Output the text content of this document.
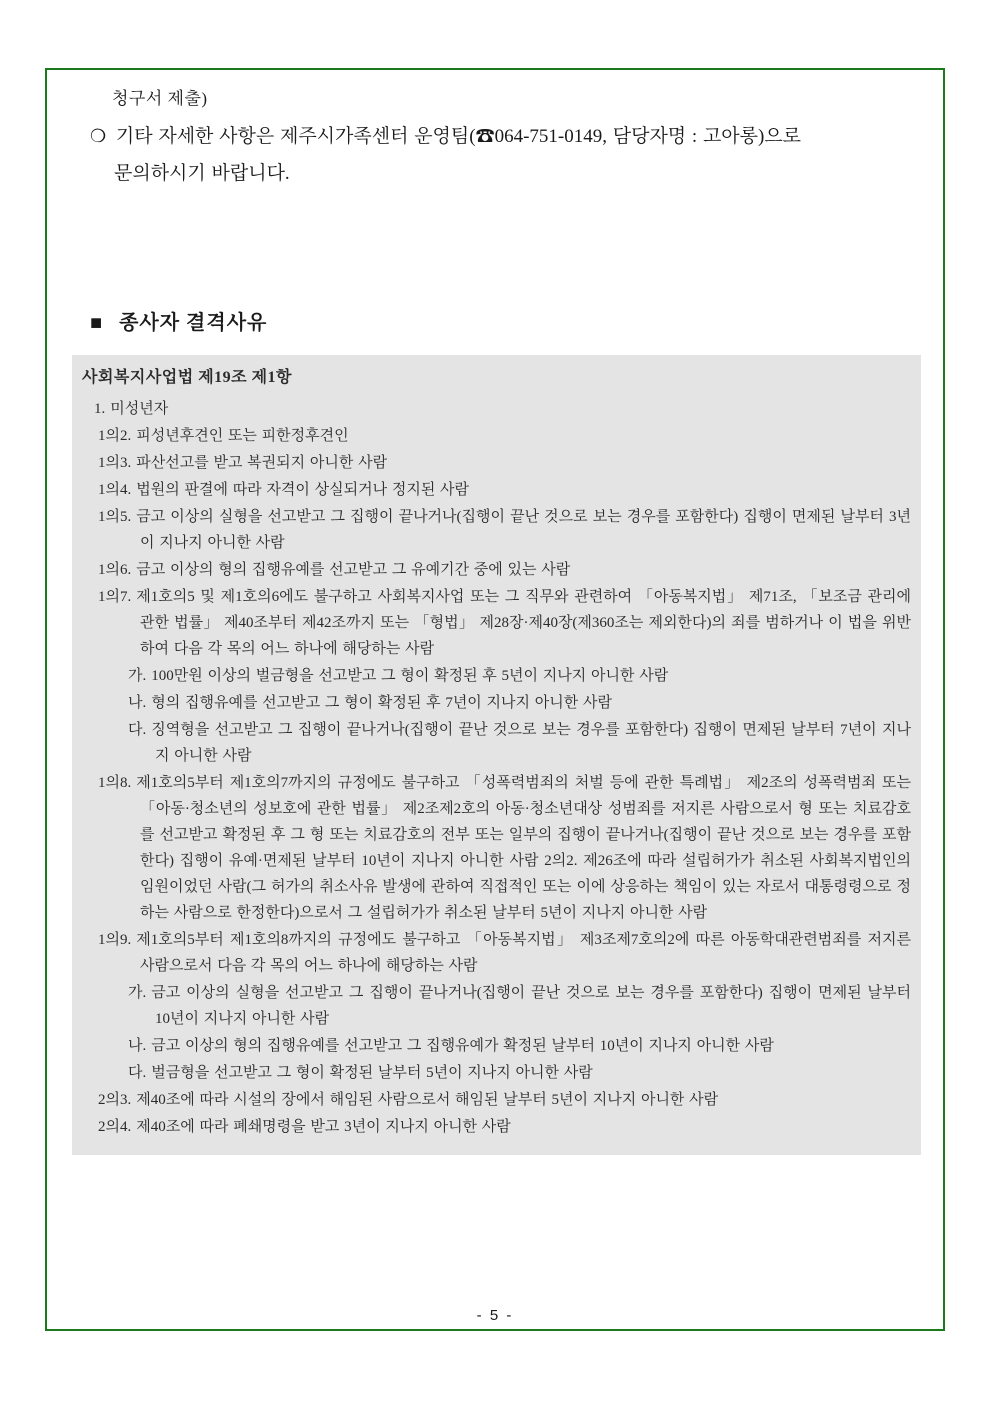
청구서 제출)
❍ 기타 자세한 사항은 제주시가족센터 운영팀(☎064-751-0149, 담당자명 : 고아롱)으로
문의하시기 바랍니다.
■ 종사자 결격사유
사회복지사업법 제19조 제1항
1. 미성년자
1의2. 피성년후견인 또는 피한정후견인
1의3. 파산선고를 받고 복권되지 아니한 사람
1의4. 법원의 판결에 따라 자격이 상실되거나 정지된 사람
1의5. 금고 이상의 실형을 선고받고 그 집행이 끝나거나(집행이 끝난 것으로 보는 경우를 포함한다) 집행이 면제된 날부터 3년이 지나지 아니한 사람
1의6. 금고 이상의 형의 집행유예를 선고받고 그 유예기간 중에 있는 사람
1의7. 제1호의5 및 제1호의6에도 불구하고 사회복지사업 또는 그 직무와 관련하여 「아동복지법」 제71조, 「보조금 관리에 관한 법률」 제40조부터 제42조까지 또는 「형법」 제28장·제40장(제360조는 제외한다)의 죄를 범하거나 이 법을 위반하여 다음 각 목의 어느 하나에 해당하는 사람
가. 100만원 이상의 벌금형을 선고받고 그 형이 확정된 후 5년이 지나지 아니한 사람
나. 형의 집행유예를 선고받고 그 형이 확정된 후 7년이 지나지 아니한 사람
다. 징역형을 선고받고 그 집행이 끝나거나(집행이 끝난 것으로 보는 경우를 포함한다) 집행이 면제된 날부터 7년이 지나지 아니한 사람
1의8. 제1호의5부터 제1호의7까지의 규정에도 불구하고 「성폭력범죄의 처벌 등에 관한 특례법」 제2조의 성폭력범죄 또는 「아동·청소년의 성보호에 관한 법률」 제2조제2호의 아동·청소년대상 성범죄를 저지른 사람으로서 형 또는 치료감호를 선고받고 확정된 후 그 형 또는 치료감호의 전부 또는 일부의 집행이 끝나거나(집행이 끝난 것으로 보는 경우를 포함한다) 집행이 유예·면제된 날부터 10년이 지나지 아니한 사람 2의2. 제26조에 따라 설립허가가 취소된 사회복지법인의 임원이었던 사람(그 허가의 취소사유 발생에 관하여 직접적인 또는 이에 상응하는 책임이 있는 자로서 대통령령으로 정하는 사람으로 한정한다)으로서 그 설립허가가 취소된 날부터 5년이 지나지 아니한 사람
1의9. 제1호의5부터 제1호의8까지의 규정에도 불구하고 「아동복지법」 제3조제7호의2에 따른 아동학대관련범죄를 저지른 사람으로서 다음 각 목의 어느 하나에 해당하는 사람
가. 금고 이상의 실형을 선고받고 그 집행이 끝나거나(집행이 끝난 것으로 보는 경우를 포함한다) 집행이 면제된 날부터 10년이 지나지 아니한 사람
나. 금고 이상의 형의 집행유예를 선고받고 그 집행유예가 확정된 날부터 10년이 지나지 아니한 사람
다. 벌금형을 선고받고 그 형이 확정된 날부터 5년이 지나지 아니한 사람
2의3. 제40조에 따라 시설의 장에서 해임된 사람으로서 해임된 날부터 5년이 지나지 아니한 사람
2의4. 제40조에 따라 폐쇄명령을 받고 3년이 지나지 아니한 사람
- 5 -
